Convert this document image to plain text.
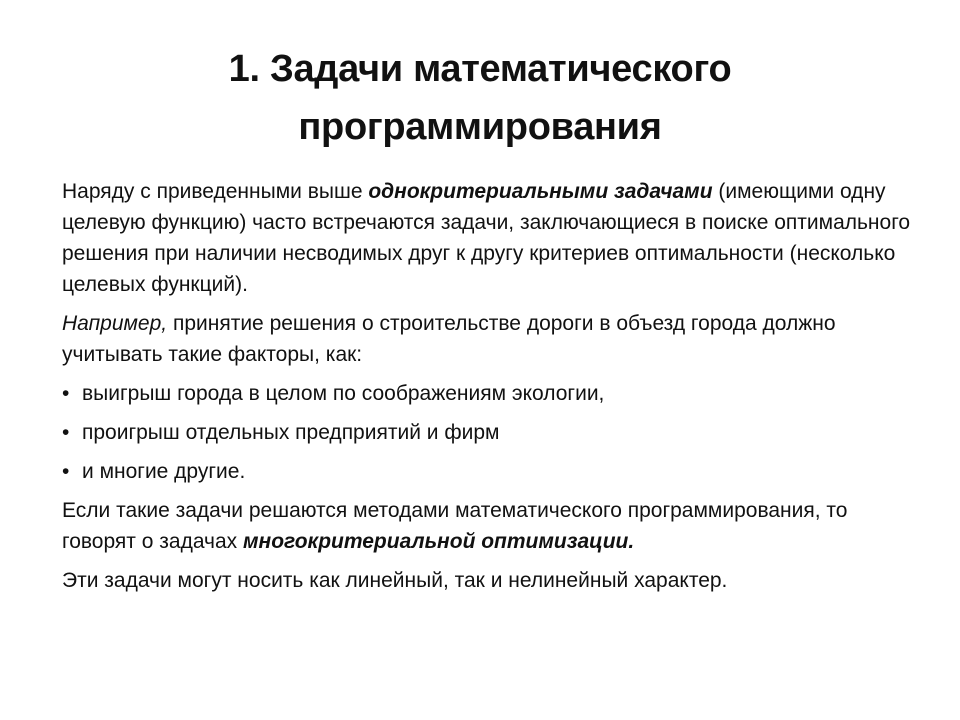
1. Задачи математического
программирования

Наряду с приведенными выше однокритериальными задачами (имеющими одну целевую функцию) часто встречаются задачи, заключающиеся в поиске оптимального решения при наличии несводимых друг к другу критериев оптимальности (несколько целевых функций).

Например, принятие решения о строительстве дороги в объезд города должно учитывать такие факторы, как:

• выигрыш города в целом по соображениям экологии,
• проигрыш отдельных предприятий и фирм
• и многие другие.

Если такие задачи решаются методами математического программирования, то говорят о задачах многокритериальной оптимизации.

Эти задачи могут носить как линейный, так и нелинейный характер.
